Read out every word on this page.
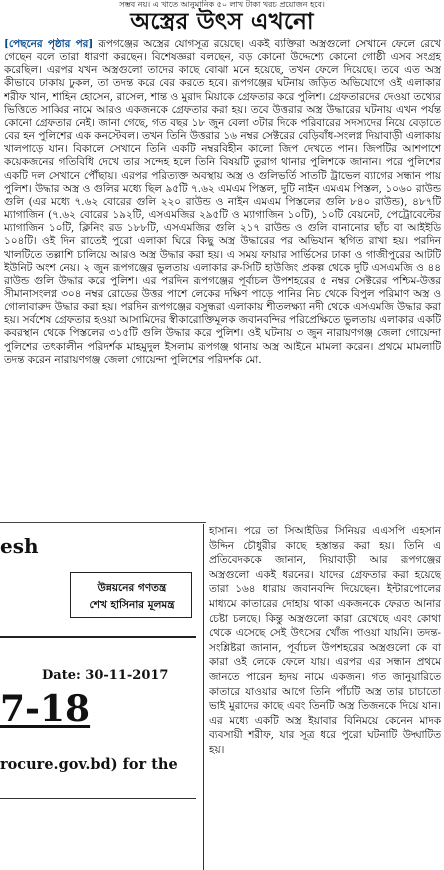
সম্ভব নয়। এ খাতে আনুমানিক ৫০ লাখ টাকা খরচ প্রয়োজন হবে।
অস্ত্রের উৎস এখনো

[পেছনের পৃষ্ঠার পর] রূপগঞ্জের অস্ত্রের যোগসূত্র রয়েছে। একই ব্যক্তিরা অস্ত্রগুলো সেখানে ফেলে রেখে গেছেন বলে তারা ধারণা করছেন। বিশেষজ্ঞরা বলছেন, বড় কোনো উদ্দেশ্যে কোনো গোষ্ঠী এসব সংগ্রহ করেছিল। এরপর যখন অস্ত্রগুলো তাদের কাছে বোঝা মনে হয়েছে, তখন ফেলে দিয়েছে। তবে এত অস্ত্র কীভাবে ঢাকায় ঢুকল, তা তদন্ত করে বের করতে হবে। রূপগঞ্জের ঘটনায় জড়িত অভিযোগে ওই এলাকার শরীফ খান, শাহিন হোসেন, রাসেল, শান্ত ও মুরাদ মিয়াকে গ্রেফতার করে পুলিশ। গ্রেফতারদের দেওয়া তথ্যের ভিত্তিতে সাব্বির নামে আরও একজনকে গ্রেফতার করা হয়। তবে উত্তরার অস্ত্র উদ্ধারের ঘটনায় এখন পর্যন্ত কোনো গ্রেফতার নেই। জানা গেছে, গত বছর ১৮ জুন বেলা ৩টার দিকে পরিবারের সদস্যদের নিয়ে বেড়াতে বের হন পুলিশের এক কনস্টেবল। তখন তিনি উত্তরার ১৬ নম্বর সেক্টরের বেড়িবাঁধ-সংলগ্ন দিয়াবাড়ী এলাকায় খালপাড়ে যান। বিকালে সেখানে তিনি একটি নম্বরবিহীন কালো জিপ দেখতে পান। জিপটির আশপাশে কয়েকজনের গতিবিধি দেখে তার সন্দেহ হলে তিনি বিষয়টি তুরাগ থানার পুলিশকে জানান। পরে পুলিশের একটি দল সেখানে পৌঁছায়। এরপর পরিত্যক্ত অবস্থায় অস্ত্র ও গুলিভর্তি সাতটি ট্রাভেল ব্যাগের সন্ধান পায় পুলিশ। উদ্ধার অস্ত্র ও গুলির মধ্যে ছিল ৯৫টি ৭.৬২ এমএম পিস্তল, দুটি নাইন এমএম পিস্তল, ১০৬০ রাউন্ড গুলি (এর মধ্যে ৭.৬২ বোরের গুলি ২২০ রাউন্ড ও নাইন এমএম পিস্তলের গুলি ৮৪০ রাউন্ড), ৪৮৭টি ম্যাগাজিন (৭.৬২ বোরের ১৯২টি, এসএমজির ২৯৫টি ও ম্যাগাজিন ১০টি), ১০টি বেয়নেট, পেট্রোবেল্টের ম্যাগাজিন ১০টি, ক্লিনিং রড ১৮৮টি, এসএমজির গুলি ২১৭ রাউন্ড ও গুলি বানানোর ছাঁচ বা আইইডি ১০৪টি। ওই দিন রাতেই পুরো এলাকা ঘিরে কিছু অস্ত্র উদ্ধারের পর অভিযান স্থগিত রাখা হয়। পরদিন খালটিতে তল্লাশি চালিয়ে আরও অস্ত্র উদ্ধার করা হয়। এ সময় ফায়ার সার্ভিসের ঢাকা ও গাজীপুরের আটটি ইউনিট অংশ নেয়। ২ জুন রূপগঞ্জের ভুলতায় এলাকার রু-সিটি হাউজিং প্রকল্প থেকে দুটি এসএমজি ও ৪৪ রাউন্ড গুলি উদ্ধার করে পুলিশ। এর পরদিন রূপগঞ্জের পূর্বাচল উপশহরের ৫ নম্বর সেক্টরের পশ্চিম-উত্তর সীমানাসংলগ্ন ৩০৪ নম্বর রোডের উত্তর পাশে লেকের দক্ষিণ পাড়ে পানির নিচ থেকে বিপুল পরিমাণ অস্ত্র ও গোলাবারুদ উদ্ধার করা হয়। পরদিন রূপগঞ্জের বসুন্ধরা এলাকায় শীতলক্ষ্যা নদী থেকে এসএমজি উদ্ধার করা হয়। সর্বশেষ গ্রেফতার হওয়া আসামিদের স্বীকারোক্তিমূলক জবানবন্দির পরিপ্রেক্ষিতে ভুলতায় এলাকার একটি কবরস্থান থেকে পিস্তলের ৩১৫টি গুলি উদ্ধার করে পুলিশ। ওই ঘটনায় ৩ জুন নারায়ণগঞ্জ জেলা গোয়েন্দা পুলিশের তৎকালীন পরিদর্শক মাহমুদুল ইসলাম রূপগঞ্জ থানায় অস্ত্র আইনে মামলা করেন। প্রথমে মামলাটি তদন্ত করেন নারায়ণগঞ্জ জেলা গোয়েন্দা পুলিশের পরিদর্শক মো.

esh
উন্নয়নের গণতন্ত্র
শেখ হাসিনার মূলমন্ত্র
Date: 30-11-2017
7-18
rocure.gov.bd) for the

হাসান। পরে তা সিআইডির সিনিয়র এএসপি এহসান উদ্দিন চৌধুরীর কাছে হস্তান্তর করা হয়। তিনি এ প্রতিবেদককে জানান, দিয়াবাড়ী আর রূপগঞ্জের অস্ত্রগুলো একই ধরনের। যাদের গ্রেফতার করা হয়েছে তারা ১৬৪ ধারায় জবানবন্দি দিয়েছেন। ইন্টারপোলের মাধ্যমে কাতারের দোহায় থাকা একজনকে ফেরত আনার চেষ্টা চলছে। কিন্তু অস্ত্রগুলো কারা রেখেছে এবং কোথা থেকে এসেছে সেই উৎসের খোঁজ পাওয়া যায়নি। তদন্ত-সংশ্লিষ্টরা জানান, পূর্বাচল উপশহরের অস্ত্রগুলো কে বা কারা ওই লেকে ফেলে যায়। এরপর এর সন্ধান প্রথমে জানতে পারেন হৃদয় নামে একজন। গত জানুয়ারিতে কাতারে যাওয়ার আগে তিনি পাঁচটি অস্ত্র তার চাচাতো ভাই মুরাদের কাছে এবং তিনটি অস্ত্র তিজনকে দিয়ে যান। এর মধ্যে একটি অস্ত্র ইয়াবার বিনিময়ে কেনেন মাদক ব্যবসায়ী শরীফ, যার সূত্র ধরে পুরো ঘটনাটি উদ্ঘাটিত হয়।
